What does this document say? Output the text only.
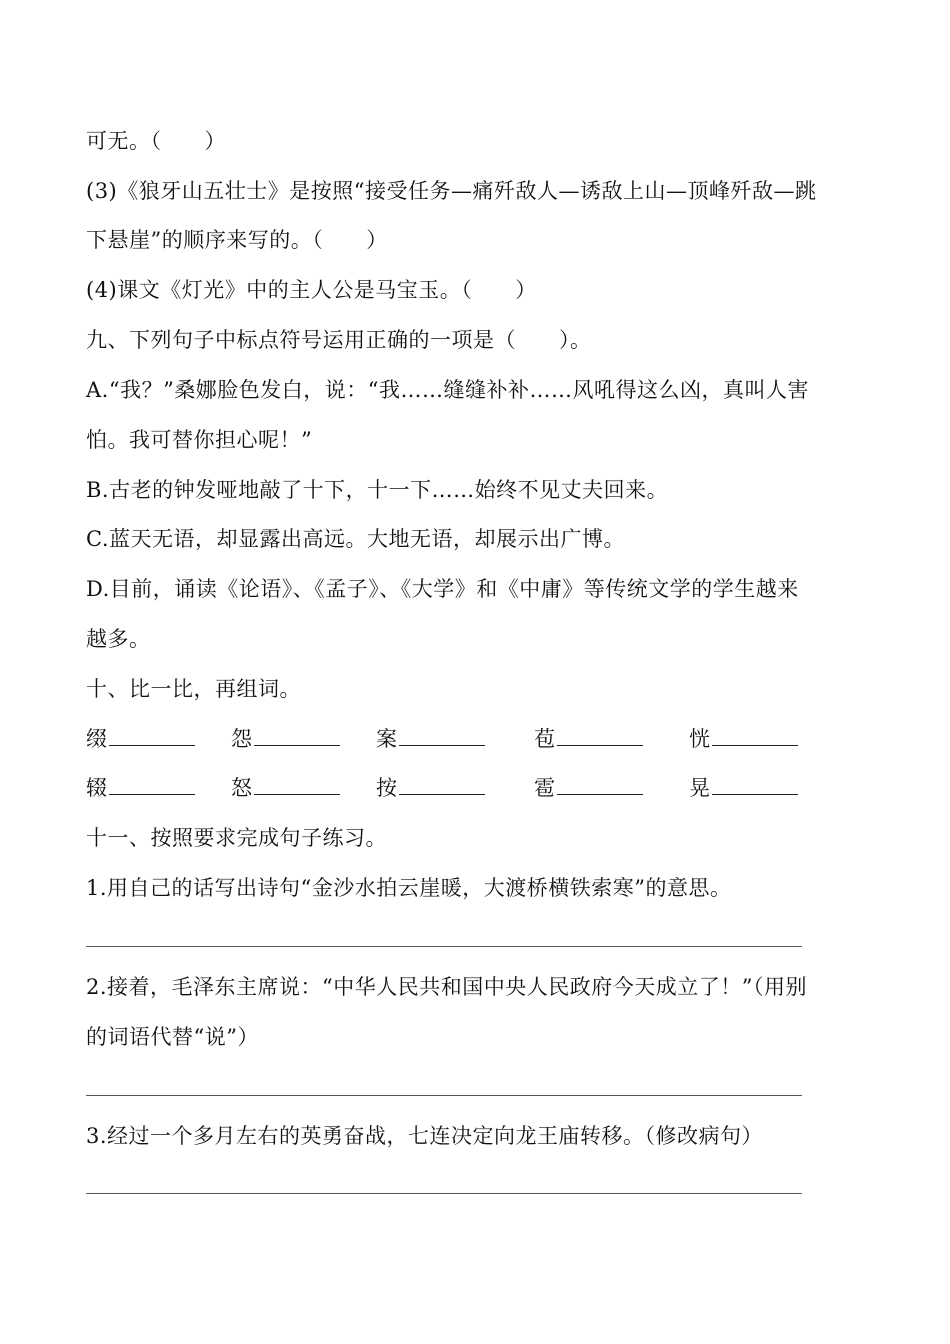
可无。（　　）
(3)《狼牙山五壮士》是按照“接受任务—痛歼敌人—诱敌上山—顶峰歼敌—跳
下悬崖”的顺序来写的。（　　）
(4)课文《灯光》中的主人公是马宝玉。（　　）
九、下列句子中标点符号运用正确的一项是（　　）。
A.“我？”桑娜脸色发白，说：“我……缝缝补补……风吼得这么凶，真叫人害
怕。我可替你担心呢！”
B.古老的钟发哑地敲了十下，十一下……始终不见丈夫回来。
C.蓝天无语，却显露出高远。大地无语，却展示出广博。
D.目前，诵读《论语》、《孟子》、《大学》和《中庸》等传统文学的学生越来
越多。
十、比一比，再组词。
缀	怨	案	苞	恍
辍	怒	按	雹	晃
十一、按照要求完成句子练习。
1.用自己的话写出诗句“金沙水拍云崖暖，大渡桥横铁索寒”的意思。
2.接着，毛泽东主席说：“中华人民共和国中央人民政府今天成立了！”（用别
的词语代替“说”）
3.经过一个多月左右的英勇奋战，七连决定向龙王庙转移。（修改病句）
